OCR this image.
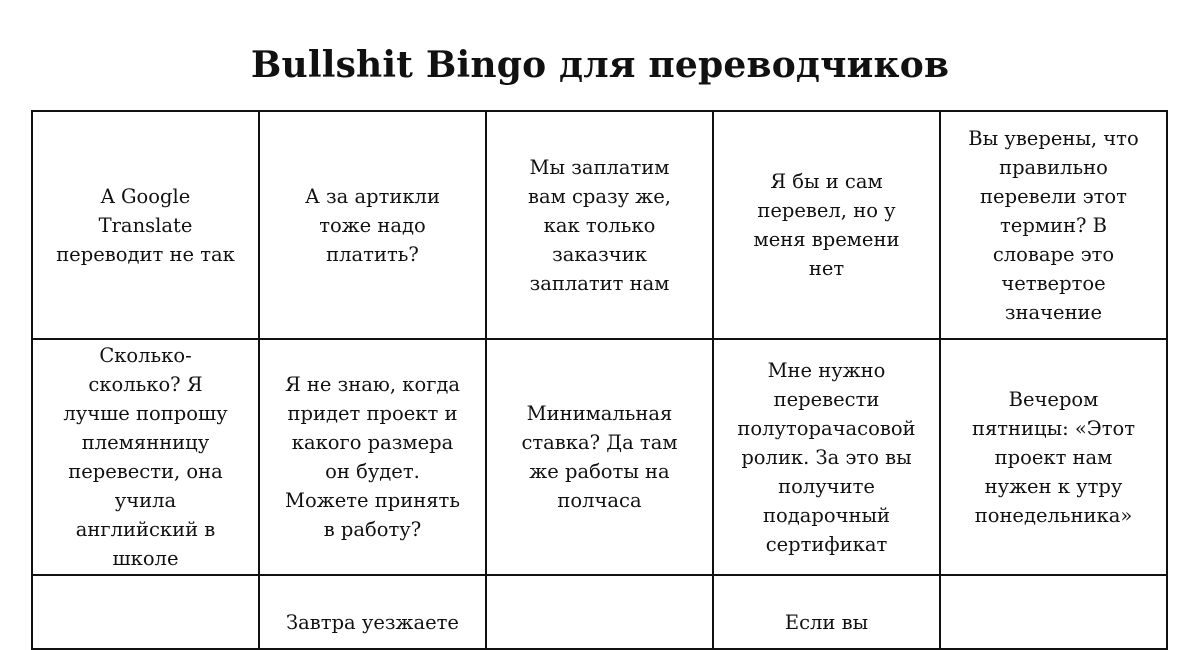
Bullshit Bingo для переводчиков
A Google
Translate
переводит не так
А за артикли
тоже надо
платить?
Мы заплатим
вам сразу же,
как только
заказчик
заплатит нам
Я бы и сам
перевел, но у
меня времени
нет
Вы уверены, что
правильно
перевели этот
термин? В
словаре это
четвертое
значение
Сколько-
сколько? Я
лучше попрошу
племянницу
перевести, она
учила
английский в
школе
Я не знаю, когда
придет проект и
какого размера
он будет.
Можете принять
в работу?
Минимальная
ставка? Да там
же работы на
полчаса
Мне нужно
перевести
полуторачасовой
ролик. За это вы
получите
подарочный
сертификат
Вечером
пятницы: «Этот
проект нам
нужен к утру
понедельника»
Завтра уезжаете	Если вы
